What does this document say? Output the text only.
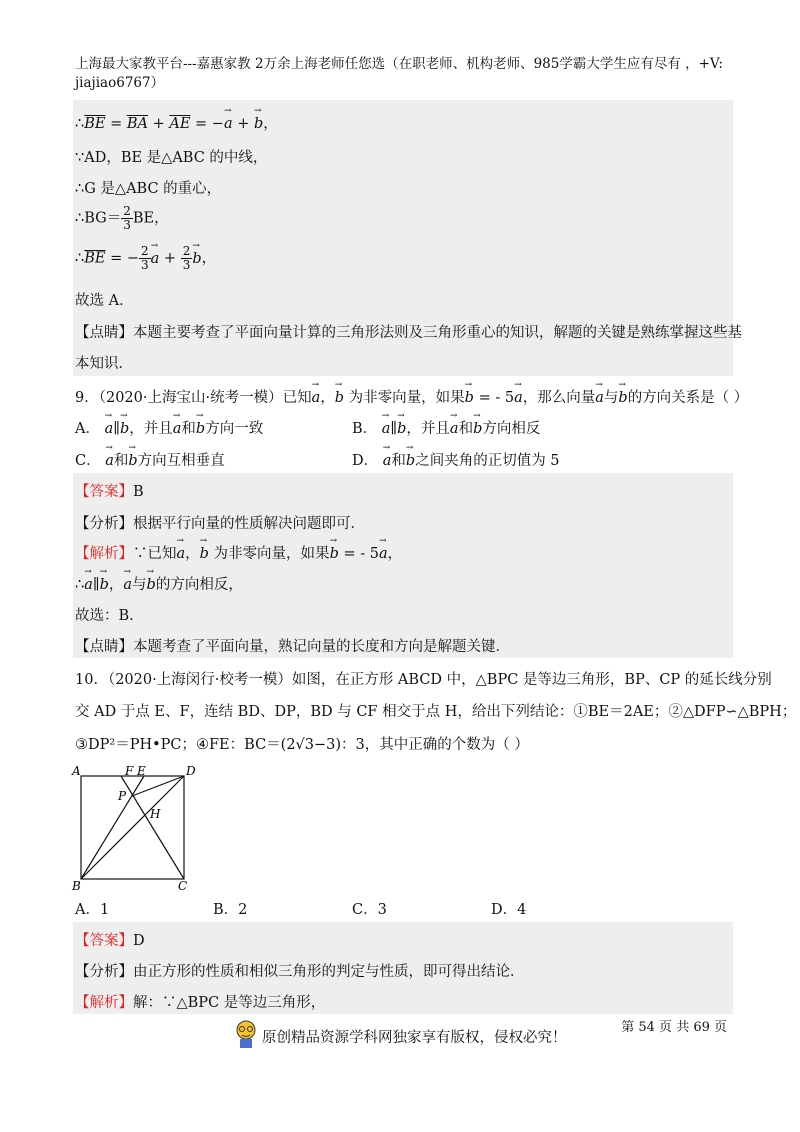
上海最大家教平台---嘉惠家教 2万余上海老师任您选（在职老师、机构老师、985学霸大学生应有尽有 ，+V:
jiajiao6767）
$\therefore\overline{BE} = \overline{BA} + \overline{AE}$ = −→ a + → b，
∵AD，BE 是△ABC 的中线，
∴G 是△ABC 的重心，
∴BG＝ $\frac{2}{3}$ BE，
$\therefore\overline{BE}$ = − $\frac{2}{3} \to a + \frac{2}{3} \to b$，
故选 A．
【点睛】本题主要考查了平面向量计算的三角形法则及三角形重心的知识，解题的关键是熟练掌握这些基
本知识．
9．（2020·上海宝山·统考一模）已知→ a，→ b 为非零向量，如果→ b = - 5→ a，那么向量→ a与→ b的方向关系是（ ）
A． → a∥→ b，并且→ a和→ b方向一致	B． → a∥→ b，并且→ a和→ b方向相反
C． → a和→ b方向互相垂直	D． → a和→ b之间夹角的正切值为 5
【答案】B
【分析】根据平行向量的性质解决问题即可．
【解析】∵已知→ a，→ b 为非零向量，如果→ b = - 5→ a，
∴→ a∥→ b，→ a与→ b的方向相反，
故选：B．
【点睛】本题考查了平面向量，熟记向量的长度和方向是解题关键．
10．（2020·上海闵行·校考一模）如图，在正方形 ABCD 中，△BPC 是等边三角形，BP、CP 的延长线分别
交 AD 于点 E、F，连结 BD、DP，BD 与 CF 相交于点 H，给出下列结论：①BE＝2AE；②△DFP∽△BPH；
③DP²＝PH•PC；④FE：BC＝(2√3−3)：3，其中正确的个数为（ ）
A	F E	D
P
H
B	C
A．1	B．2	C．3	D．4
【答案】D
【分析】由正方形的性质和相似三角形的判定与性质，即可得出结论．
【解析】解：∵△BPC 是等边三角形，
第 54 页 共 69 页
原创精品资源学科网独家享有版权，侵权必究！
